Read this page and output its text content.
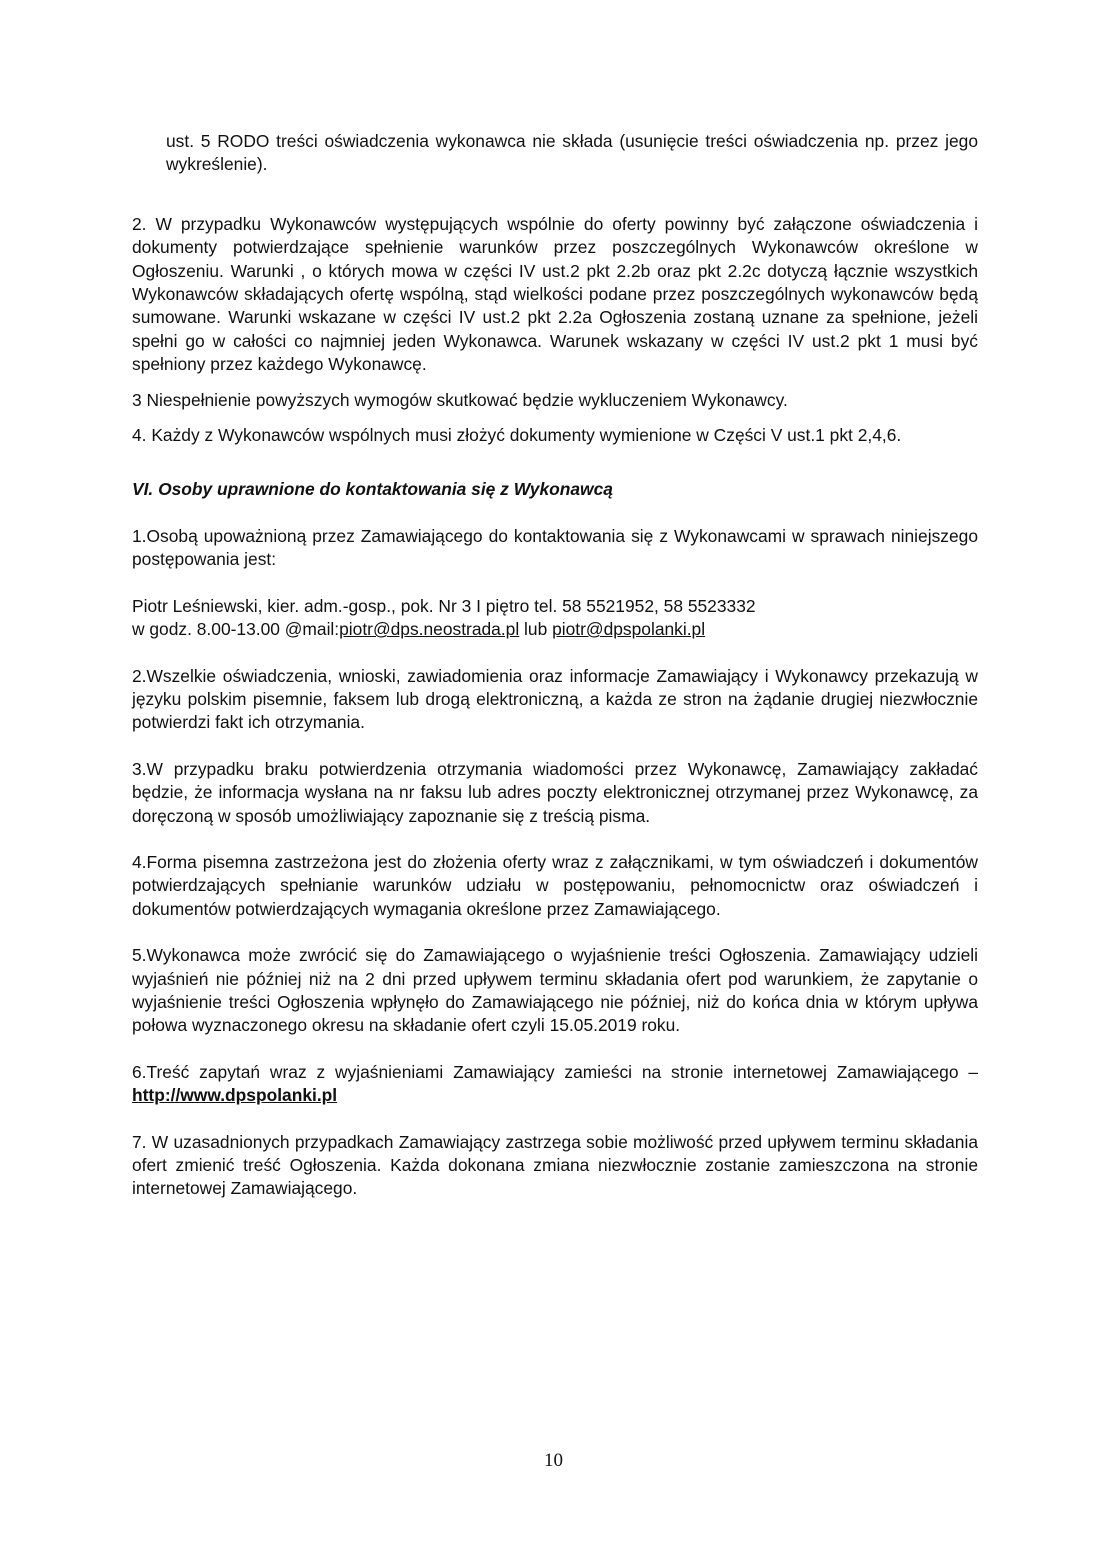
ust. 5 RODO treści oświadczenia wykonawca nie składa (usunięcie treści oświadczenia np. przez jego wykreślenie).

2. W przypadku Wykonawców występujących wspólnie do oferty powinny być załączone oświadczenia i dokumenty potwierdzające spełnienie warunków przez poszczególnych Wykonawców określone w Ogłoszeniu. Warunki , o których mowa w części IV ust.2 pkt 2.2b oraz pkt 2.2c dotyczą łącznie wszystkich Wykonawców składających ofertę wspólną, stąd wielkości podane przez poszczególnych wykonawców będą sumowane. Warunki wskazane w części IV ust.2 pkt 2.2a Ogłoszenia zostaną uznane za spełnione, jeżeli spełni go w całości co najmniej jeden Wykonawca. Warunek wskazany w części IV ust.2 pkt 1 musi być spełniony przez każdego Wykonawcę.

3 Niespełnienie powyższych wymogów skutkować będzie wykluczeniem Wykonawcy.

4. Każdy z Wykonawców wspólnych musi złożyć dokumenty wymienione w Części V ust.1 pkt 2,4,6.

VI. Osoby uprawnione do kontaktowania się z Wykonawcą

1.Osobą upoważnioną przez Zamawiającego do kontaktowania się z Wykonawcami w sprawach niniejszego postępowania jest:

Piotr Leśniewski, kier. adm.-gosp., pok. Nr 3 I piętro tel. 58 5521952, 58 5523332

w godz. 8.00-13.00 @mail:piotr@dps.neostrada.pl lub piotr@dpspolanki.pl

2.Wszelkie oświadczenia, wnioski, zawiadomienia oraz informacje Zamawiający i Wykonawcy przekazują w języku polskim pisemnie, faksem lub drogą elektroniczną, a każda ze stron na żądanie drugiej niezwłocznie potwierdzi fakt ich otrzymania.

3.W przypadku braku potwierdzenia otrzymania wiadomości przez Wykonawcę, Zamawiający zakładać będzie, że informacja wysłana na nr faksu lub adres poczty elektronicznej otrzymanej przez Wykonawcę, za doręczoną w sposób umożliwiający zapoznanie się z treścią pisma.

4.Forma pisemna zastrzeżona jest do złożenia oferty wraz z załącznikami, w tym oświadczeń i dokumentów potwierdzających spełnianie warunków udziału w postępowaniu, pełnomocnictw oraz oświadczeń i dokumentów potwierdzających wymagania określone przez Zamawiającego.

5.Wykonawca może zwrócić się do Zamawiającego o wyjaśnienie treści Ogłoszenia. Zamawiający udzieli wyjaśnień nie później niż na 2 dni przed upływem terminu składania ofert pod warunkiem, że zapytanie o wyjaśnienie treści Ogłoszenia wpłynęło do Zamawiającego nie później, niż do końca dnia w którym upływa połowa wyznaczonego okresu na składanie ofert czyli 15.05.2019 roku.

6.Treść zapytań wraz z wyjaśnieniami Zamawiający zamieści na stronie internetowej Zamawiającego – http://www.dpspolanki.pl

7. W uzasadnionych przypadkach Zamawiający zastrzega sobie możliwość przed upływem terminu składania ofert zmienić treść Ogłoszenia. Każda dokonana zmiana niezwłocznie zostanie zamieszczona na stronie internetowej Zamawiającego.

10
